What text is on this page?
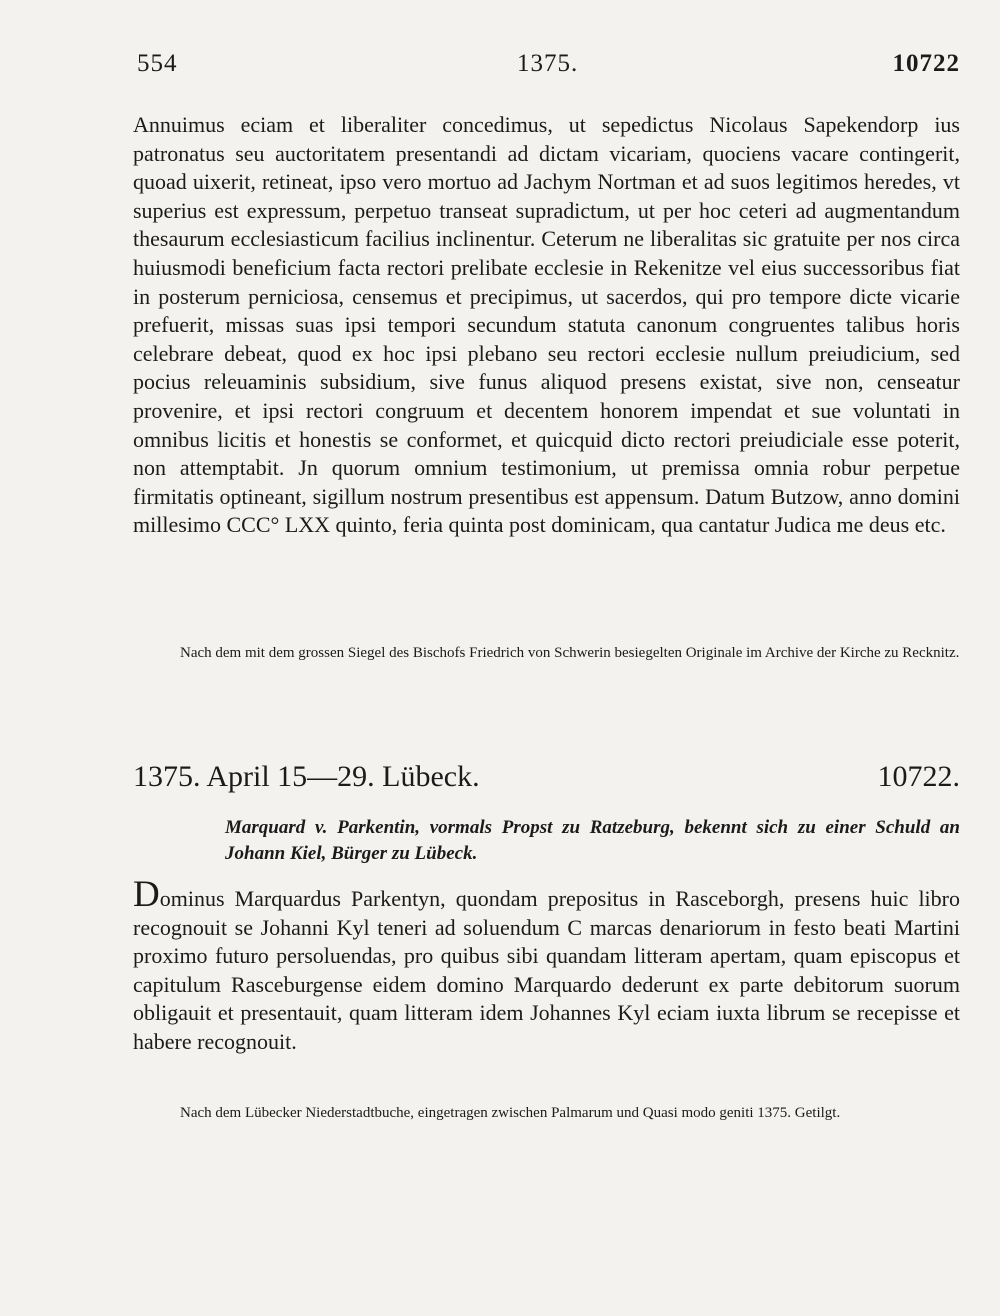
554	1375.	10722

Annuimus eciam et liberaliter concedimus, ut sepedictus Nicolaus Sapekendorp ius patronatus seu auctoritatem presentandi ad dictam vicariam, quociens vacare contingerit, quoad uixerit, retineat, ipso vero mortuo ad Jachym Nortman et ad suos legitimos heredes, vt superius est expressum, perpetuo transeat supradictum, ut per hoc ceteri ad augmentandum thesaurum ecclesiasticum facilius inclinentur. Ceterum ne liberalitas sic gratuite per nos circa huiusmodi beneficium facta rectori prelibate ecclesie in Rekenitze vel eius successoribus fiat in posterum perniciosa, censemus et precipimus, ut sacerdos, qui pro tempore dicte vicarie prefuerit, missas suas ipsi tempori secundum statuta canonum congruentes talibus horis celebrare debeat, quod ex hoc ipsi plebano seu rectori ecclesie nullum preiudicium, sed pocius releuaminis subsidium, sive funus aliquod presens existat, sive non, censeatur provenire, et ipsi rectori congruum et decentem honorem impendat et sue voluntati in omnibus licitis et honestis se conformet, et quicquid dicto rectori preiudiciale esse poterit, non attemptabit. Jn quorum omnium testimonium, ut premissa omnia robur perpetue firmitatis optineant, sigillum nostrum presentibus est appensum. Datum Butzow, anno domini millesimo CCC° LXX quinto, feria quinta post dominicam, qua cantatur Judica me deus etc.

Nach dem mit dem grossen Siegel des Bischofs Friedrich von Schwerin besiegelten Originale im Archive der Kirche zu Recknitz.

1375. April 15—29. Lübeck.	10722.

Marquard v. Parkentin, vormals Propst zu Ratzeburg, bekennt sich zu einer Schuld an Johann Kiel, Bürger zu Lübeck.

Dominus Marquardus Parkentyn, quondam prepositus in Rasceborgh, presens huic libro recognouit se Johanni Kyl teneri ad soluendum C marcas denariorum in festo beati Martini proximo futuro persoluendas, pro quibus sibi quandam litteram apertam, quam episcopus et capitulum Rasceburgense eidem domino Marquardo dederunt ex parte debitorum suorum obligauit et presentauit, quam litteram idem Johannes Kyl eciam iuxta librum se recepisse et habere recognouit.

Nach dem Lübecker Niederstadtbuche, eingetragen zwischen Palmarum und Quasi modo geniti 1375. Getilgt.
